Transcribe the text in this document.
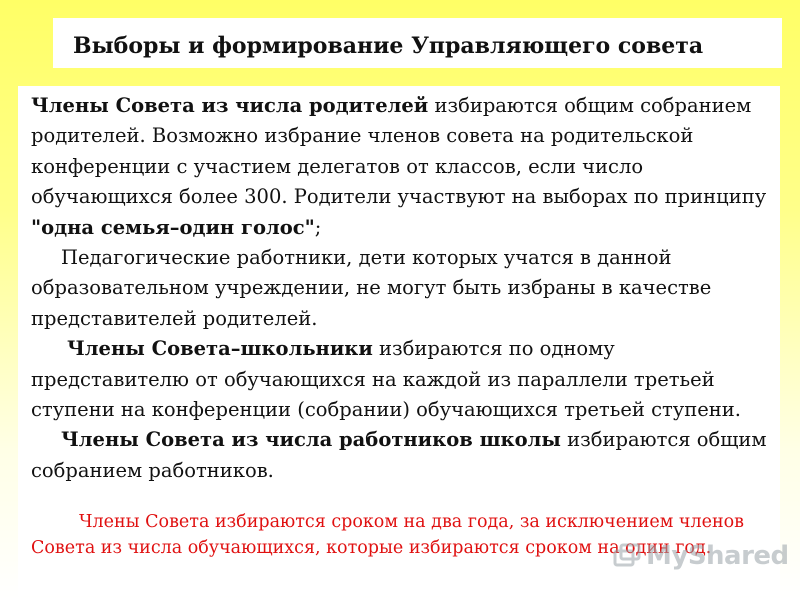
Выборы и формирование Управляющего совета

Члены Совета из числа родителей избираются общим собранием родителей. Возможно избрание членов совета на родительской конференции с участием делегатов от классов, если число обучающихся более 300. Родители участвуют на выборах по принципу "одна семья–один голос";

Педагогические работники, дети которых учатся в данной образовательном учреждении, не могут быть избраны в качестве представителей родителей.

Члены Совета–школьники избираются по одному представителю от обучающихся на каждой из параллели третьей ступени на конференции (собрании) обучающихся третьей ступени.

Члены Совета из числа работников школы избираются общим собранием работников.

Члены Совета избираются сроком на два года, за исключением членов Совета из числа обучающихся, которые избираются сроком на один год.

MyShared
